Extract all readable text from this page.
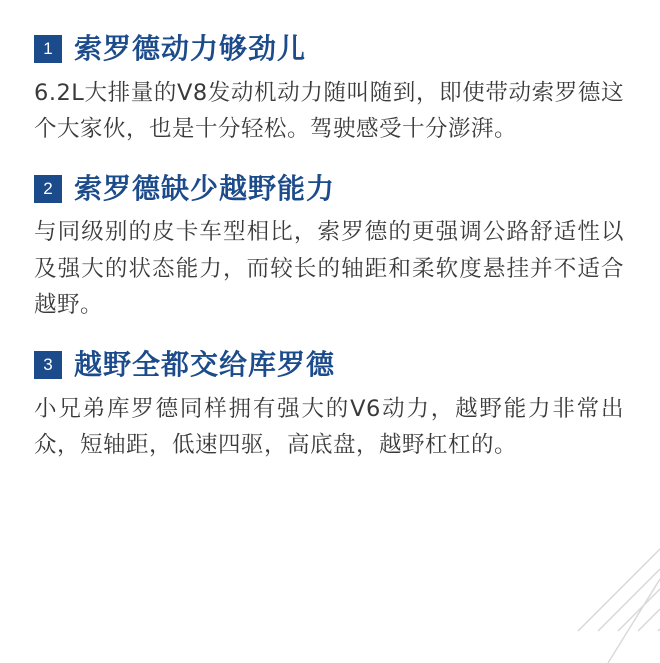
1 索罗德动力够劲儿
6.2L大排量的V8发动机动力随叫随到，即使带动索罗德这个大家伙，也是十分轻松。驾驶感受十分澎湃。
2 索罗德缺少越野能力
与同级别的皮卡车型相比，索罗德的更强调公路舒适性以及强大的状态能力，而较长的轴距和柔软度悬挂并不适合越野。
3 越野全都交给库罗德
小兄弟库罗德同样拥有强大的V6动力，越野能力非常出众，短轴距，低速四驱，高底盘，越野杠杠的。
